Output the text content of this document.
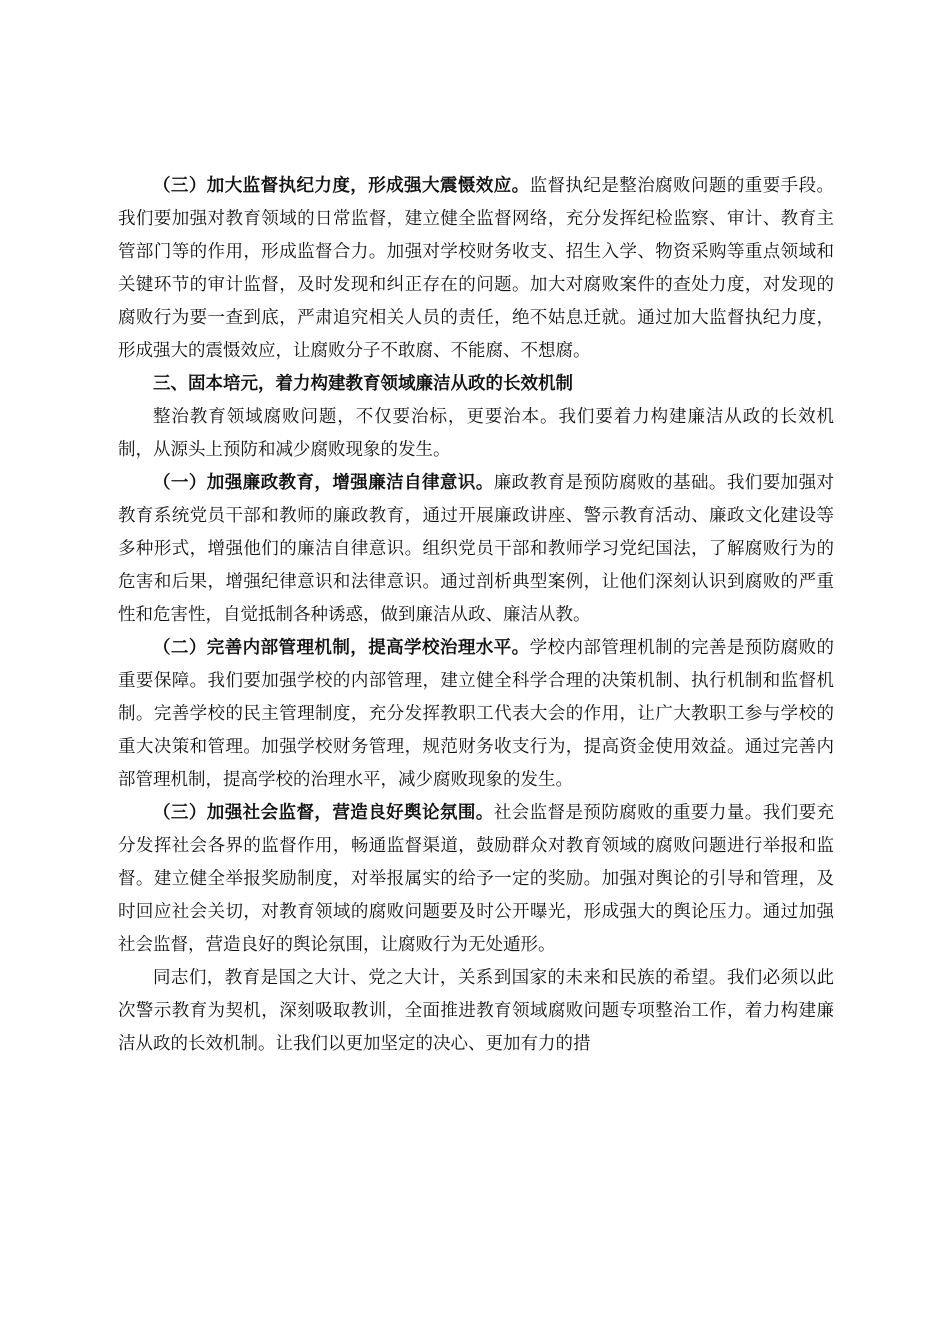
（三）加大监督执纪力度，形成强大震慑效应。监督执纪是整治腐败问题的重要手段。我们要加强对教育领域的日常监督，建立健全监督网络，充分发挥纪检监察、审计、教育主管部门等的作用，形成监督合力。加强对学校财务收支、招生入学、物资采购等重点领域和关键环节的审计监督，及时发现和纠正存在的问题。加大对腐败案件的查处力度，对发现的腐败行为要一查到底，严肃追究相关人员的责任，绝不姑息迁就。通过加大监督执纪力度，形成强大的震慑效应，让腐败分子不敢腐、不能腐、不想腐。

三、固本培元，着力构建教育领域廉洁从政的长效机制

整治教育领域腐败问题，不仅要治标，更要治本。我们要着力构建廉洁从政的长效机制，从源头上预防和减少腐败现象的发生。

（一）加强廉政教育，增强廉洁自律意识。廉政教育是预防腐败的基础。我们要加强对教育系统党员干部和教师的廉政教育，通过开展廉政讲座、警示教育活动、廉政文化建设等多种形式，增强他们的廉洁自律意识。组织党员干部和教师学习党纪国法，了解腐败行为的危害和后果，增强纪律意识和法律意识。通过剖析典型案例，让他们深刻认识到腐败的严重性和危害性，自觉抵制各种诱惑，做到廉洁从政、廉洁从教。

（二）完善内部管理机制，提高学校治理水平。学校内部管理机制的完善是预防腐败的重要保障。我们要加强学校的内部管理，建立健全科学合理的决策机制、执行机制和监督机制。完善学校的民主管理制度，充分发挥教职工代表大会的作用，让广大教职工参与学校的重大决策和管理。加强学校财务管理，规范财务收支行为，提高资金使用效益。通过完善内部管理机制，提高学校的治理水平，减少腐败现象的发生。

（三）加强社会监督，营造良好舆论氛围。社会监督是预防腐败的重要力量。我们要充分发挥社会各界的监督作用，畅通监督渠道，鼓励群众对教育领域的腐败问题进行举报和监督。建立健全举报奖励制度，对举报属实的给予一定的奖励。加强对舆论的引导和管理，及时回应社会关切，对教育领域的腐败问题要及时公开曝光，形成强大的舆论压力。通过加强社会监督，营造良好的舆论氛围，让腐败行为无处遁形。

同志们，教育是国之大计、党之大计，关系到国家的未来和民族的希望。我们必须以此次警示教育为契机，深刻吸取教训，全面推进教育领域腐败问题专项整治工作，着力构建廉洁从政的长效机制。让我们以更加坚定的决心、更加有力的措
